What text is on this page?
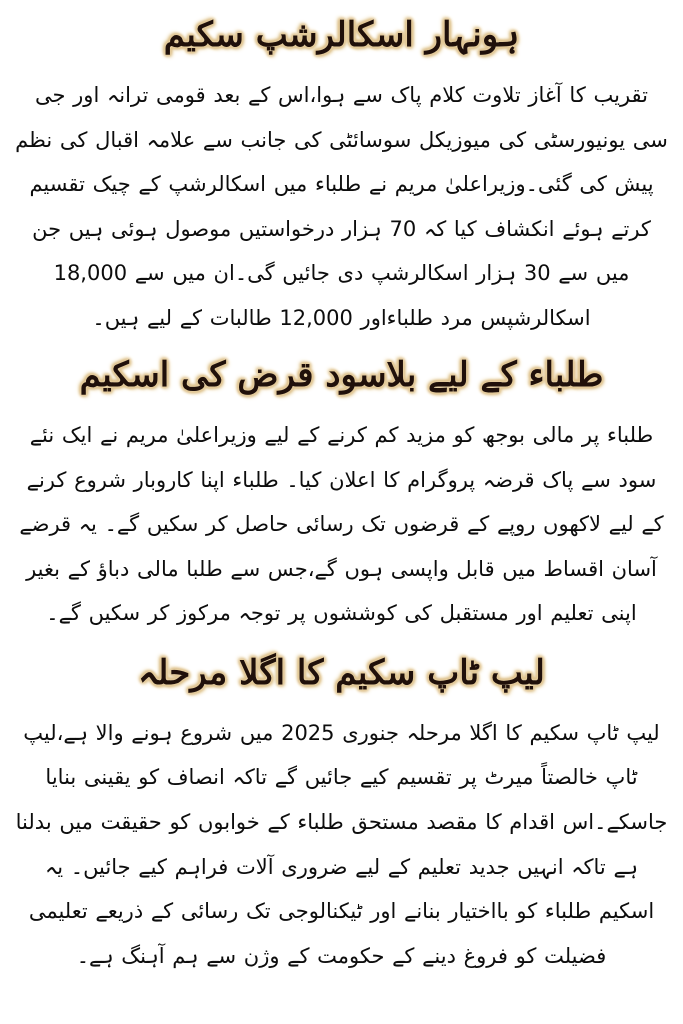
ہونہار اسکالرشپ سکیم

تقریب کا آغاز تلاوت کلام پاک سے ہوا،اس کے بعد قومی ترانہ اور جی سی یونیورسٹی کی میوزیکل سوسائٹی کی جانب سے علامہ اقبال کی نظم پیش کی گئی۔وزیراعلیٰ مریم نے طلباء میں اسکالرشپ کے چیک تقسیم کرتے ہوئے انکشاف کیا کہ 70 ہزار درخواستیں موصول ہوئی ہیں جن میں سے 30 ہزار اسکالرشپ دی جائیں گی۔ان میں سے 18,000 اسکالرشپس مرد طلباءاور 12,000 طالبات کے لیے ہیں۔

طلباء کے لیے بلاسود قرض کی اسکیم

طلباء پر مالی بوجھ کو مزید کم کرنے کے لیے وزیراعلیٰ مریم نے ایک نئے سود سے پاک قرضہ پروگرام کا اعلان کیا۔ طلباء اپنا کاروبار شروع کرنے کے لیے لاکھوں روپے کے قرضوں تک رسائی حاصل کر سکیں گے۔ یہ قرضے آسان اقساط میں قابل واپسی ہوں گے،جس سے طلبا مالی دباؤ کے بغیر اپنی تعلیم اور مستقبل کی کوششوں پر توجہ مرکوز کر سکیں گے۔

لیپ ٹاپ سکیم کا اگلا مرحلہ

لیپ ٹاپ سکیم کا اگلا مرحلہ جنوری 2025 میں شروع ہونے والا ہے،لیپ ٹاپ خالصتاً میرٹ پر تقسیم کیے جائیں گے تاکہ انصاف کو یقینی بنایا جاسکے۔اس اقدام کا مقصد مستحق طلباء کے خوابوں کو حقیقت میں بدلنا ہے تاکہ انہیں جدید تعلیم کے لیے ضروری آلات فراہم کیے جائیں۔ یہ اسکیم طلباء کو بااختیار بنانے اور ٹیکنالوجی تک رسائی کے ذریعے تعلیمی فضیلت کو فروغ دینے کے حکومت کے وژن سے ہم آہنگ ہے۔
